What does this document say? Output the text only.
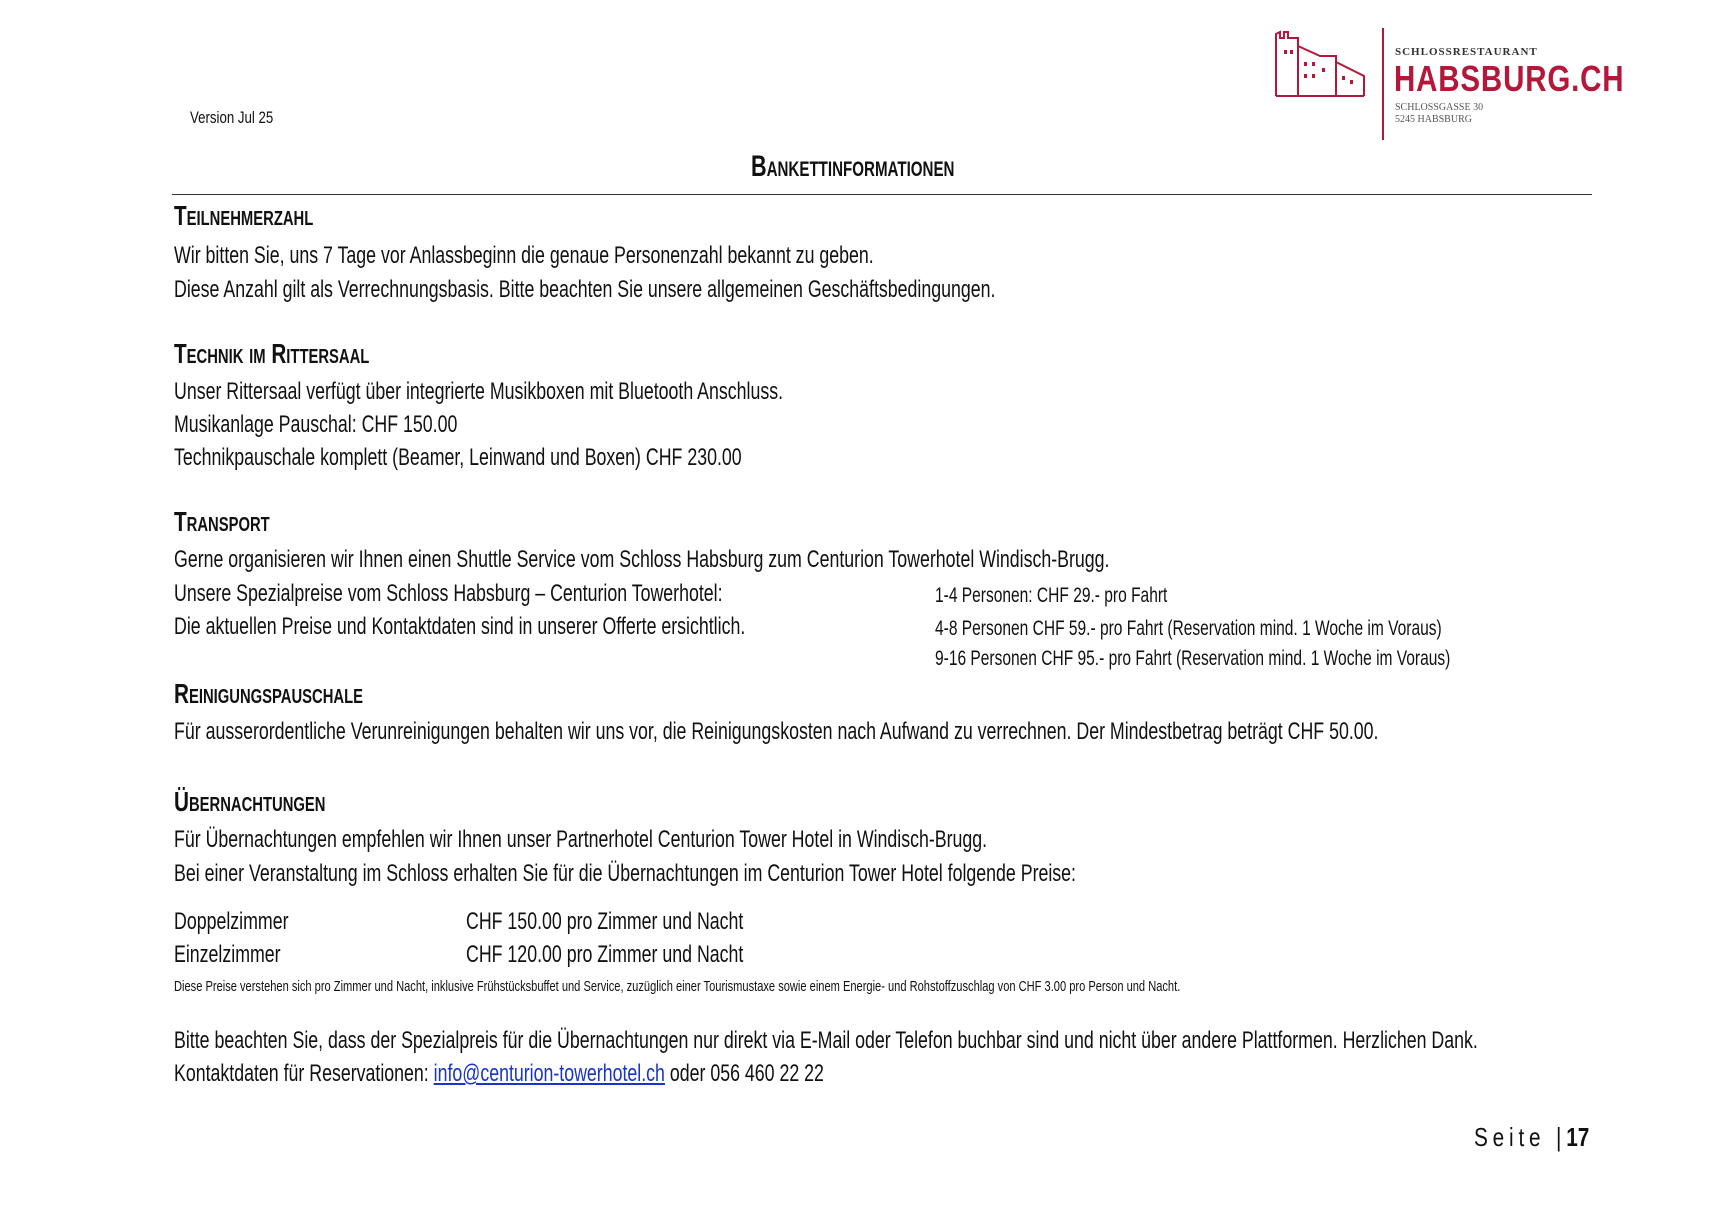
Version Jul 25
SCHLOSSRESTAURANT
HABSBURG.CH
SCHLOSSGASSE 30
5245 HABSBURG
Bankettinformationen
Teilnehmerzahl
Wir bitten Sie, uns 7 Tage vor Anlassbeginn die genaue Personenzahl bekannt zu geben.
Diese Anzahl gilt als Verrechnungsbasis. Bitte beachten Sie unsere allgemeinen Geschäftsbedingungen.
Technik im Rittersaal
Unser Rittersaal verfügt über integrierte Musikboxen mit Bluetooth Anschluss.
Musikanlage Pauschal: CHF 150.00
Technikpauschale komplett (Beamer, Leinwand und Boxen) CHF 230.00
Transport
Gerne organisieren wir Ihnen einen Shuttle Service vom Schloss Habsburg zum Centurion Towerhotel Windisch-Brugg.
Unsere Spezialpreise vom Schloss Habsburg – Centurion Towerhotel:
Die aktuellen Preise und Kontaktdaten sind in unserer Offerte ersichtlich.
1-4 Personen: CHF 29.- pro Fahrt
4-8 Personen CHF 59.- pro Fahrt (Reservation mind. 1 Woche im Voraus)
9-16 Personen CHF 95.- pro Fahrt (Reservation mind. 1 Woche im Voraus)
Reinigungspauschale
Für ausserordentliche Verunreinigungen behalten wir uns vor, die Reinigungskosten nach Aufwand zu verrechnen. Der Mindestbetrag beträgt CHF 50.00.
Übernachtungen
Für Übernachtungen empfehlen wir Ihnen unser Partnerhotel Centurion Tower Hotel in Windisch-Brugg.
Bei einer Veranstaltung im Schloss erhalten Sie für die Übernachtungen im Centurion Tower Hotel folgende Preise:
Doppelzimmer	CHF 150.00 pro Zimmer und Nacht
Einzelzimmer	CHF 120.00 pro Zimmer und Nacht
Diese Preise verstehen sich pro Zimmer und Nacht, inklusive Frühstücksbuffet und Service, zuzüglich einer Tourismustaxe sowie einem Energie- und Rohstoffzuschlag von CHF 3.00 pro Person und Nacht.
Bitte beachten Sie, dass der Spezialpreis für die Übernachtungen nur direkt via E-Mail oder Telefon buchbar sind und nicht über andere Plattformen. Herzlichen Dank.
Kontaktdaten für Reservationen: info@centurion-towerhotel.ch oder 056 460 22 22
Seite |17
